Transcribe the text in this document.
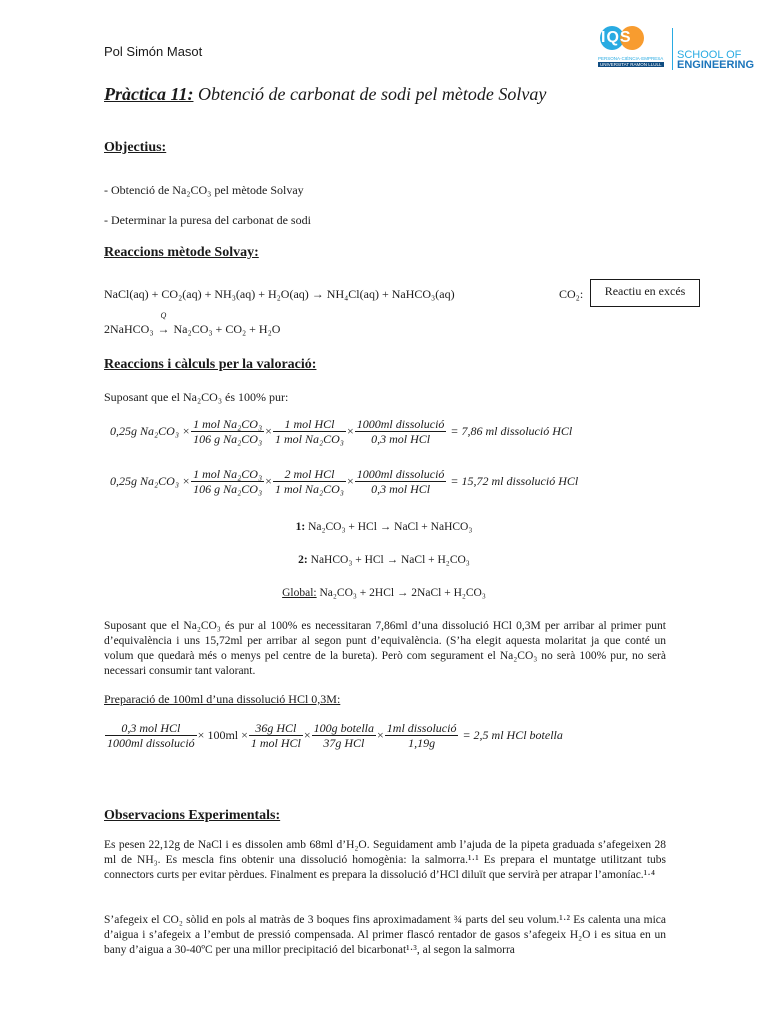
Pol Simón Masot
IQS
PERSONA·CIÈNCIA·EMPRESA
UNIVERSITAT RAMON LLULL
SCHOOL OF
ENGINEERING
Pràctica 11: Obtenció de carbonat de sodi pel mètode Solvay
Objectius:
- Obtenció de Na₂CO₃ pel mètode Solvay
- Determinar la puresa del carbonat de sodi
Reaccions mètode Solvay:
NaCl(aq) + CO₂(aq) + NH₃(aq) + H₂O(aq) → NH₄Cl(aq) + NaHCO₃(aq)	CO₂:	Reactiu en excés
2NaHCO₃
Q
→ Na₂CO₃ + CO₂ + H₂O
Reaccions i càlculs per la valoració:
Suposant que el Na₂CO₃ és 100% pur:
0,25g $Na_2CO_3 \times \frac{\text{1 mol Na₂CO₃}}{\text{106 g Na₂CO₃}} \times \frac{\text{1 mol HCl}}{\text{1 mol Na₂CO₃}} \times \frac{\text{1000ml dissolució}}{\text{0,3 mol HCl}} = 7,86$ ml dissolució HCl
0,25g $Na_2CO_3 \times \frac{\text{1 mol Na₂CO₃}}{\text{106 g Na₂CO₃}} \times \frac{\text{2 mol HCl}}{\text{1 mol Na₂CO₃}} \times \frac{\text{1000ml dissolució}}{\text{0,3 mol HCl}} = 15,72$ ml dissolució HCl
1: Na₂CO₃ + HCl → NaCl + NaHCO₃
2: NaHCO₃ + HCl → NaCl + H₂CO₃
Global: Na₂CO₃ + 2HCl → 2NaCl + H₂CO₃
Suposant que el Na₂CO₃ és pur al 100% es necessitaran 7,86ml d’una dissolució HCl 0,3M per arribar al primer punt d’equivalència i uns 15,72ml per arribar al segon punt d’equivalència. (S’ha elegit aquesta molaritat ja que conté un volum que quedarà més o menys pel centre de la bureta). Però com segurament el Na₂CO₃ no serà 100% pur, no serà necessari consumir tant valorant.
Preparació de 100ml d’una dissolució HCl 0,3M:
$\frac{\text{0,3 mol HCl}}{\text{1000ml dissolució}} \times 100ml \times \frac{\text{36g HCl}}{\text{1 mol HCl}} \times \frac{\text{100g botella}}{\text{37g HCl}} \times \frac{\text{1ml dissolució}}{1,19g} = 2,5$ ml HCl botella
Observacions Experimentals:
Es pesen 22,12g de NaCl i es dissolen amb 68ml d’H₂O. Seguidament amb l’ajuda de la pipeta graduada s’afegeixen 28 ml de NH₃. Es mescla fins obtenir una dissolució homogènia: la salmorra.¹·¹ Es prepara el muntatge utilitzant tubs connectors curts per evitar pèrdues. Finalment es prepara la dissolució d’HCl diluït que servirà per atrapar l’amoníac.¹·⁴
S’afegeix el CO₂ sòlid en pols al matràs de 3 boques fins aproximadament ¾ parts del seu volum.¹·² Es calenta una mica d’aigua i s’afegeix a l’embut de pressió compensada. Al primer flascó rentador de gasos s’afegeix H₂O i es situa en un bany d’aigua a 30-40ºC per una millor precipitació del bicarbonat¹·³, al segon la salmorra
